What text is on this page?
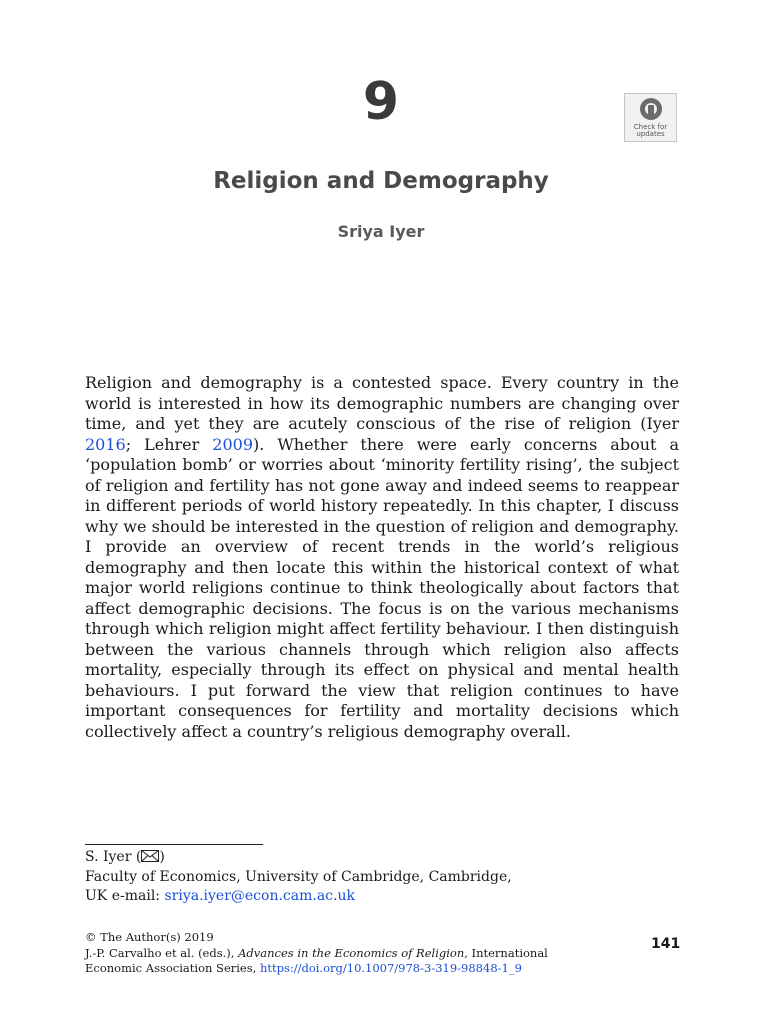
9	Check for
updates
Religion and Demography
Sriya Iyer

Religion and demography is a contested space. Every country in the world is interested in how its demographic numbers are changing over time, and yet they are acutely conscious of the rise of religion (Iyer 2016; Lehrer 2009). Whether there were early concerns about a ‘population bomb’ or worries about ‘minority fertility rising’, the subject of religion and fertility has not gone away and indeed seems to reappear in different periods of world history repeatedly. In this chapter, I discuss why we should be interested in the question of religion and demography. I provide an overview of recent trends in the world’s religious demography and then locate this within the historical context of what major world religions continue to think theologically about factors that affect demographic decisions. The focus is on the various mechanisms through which religion might affect fertility behaviour. I then distinguish between the various channels through which religion also affects mortality, especially through its effect on physical and mental health behaviours. I put forward the view that religion continues to have important consequences for fertility and mortality decisions which collectively affect a country’s religious demography overall.

S. Iyer ( )
Faculty of Economics, University of Cambridge, Cambridge,
UK e-mail: sriya.iyer@econ.cam.ac.uk
© The Author(s) 2019
J.-P. Carvalho et al. (eds.), Advances in the Economics of Religion, International
Economic Association Series, https://doi.org/10.1007/978-3-319-98848-1_9
141
